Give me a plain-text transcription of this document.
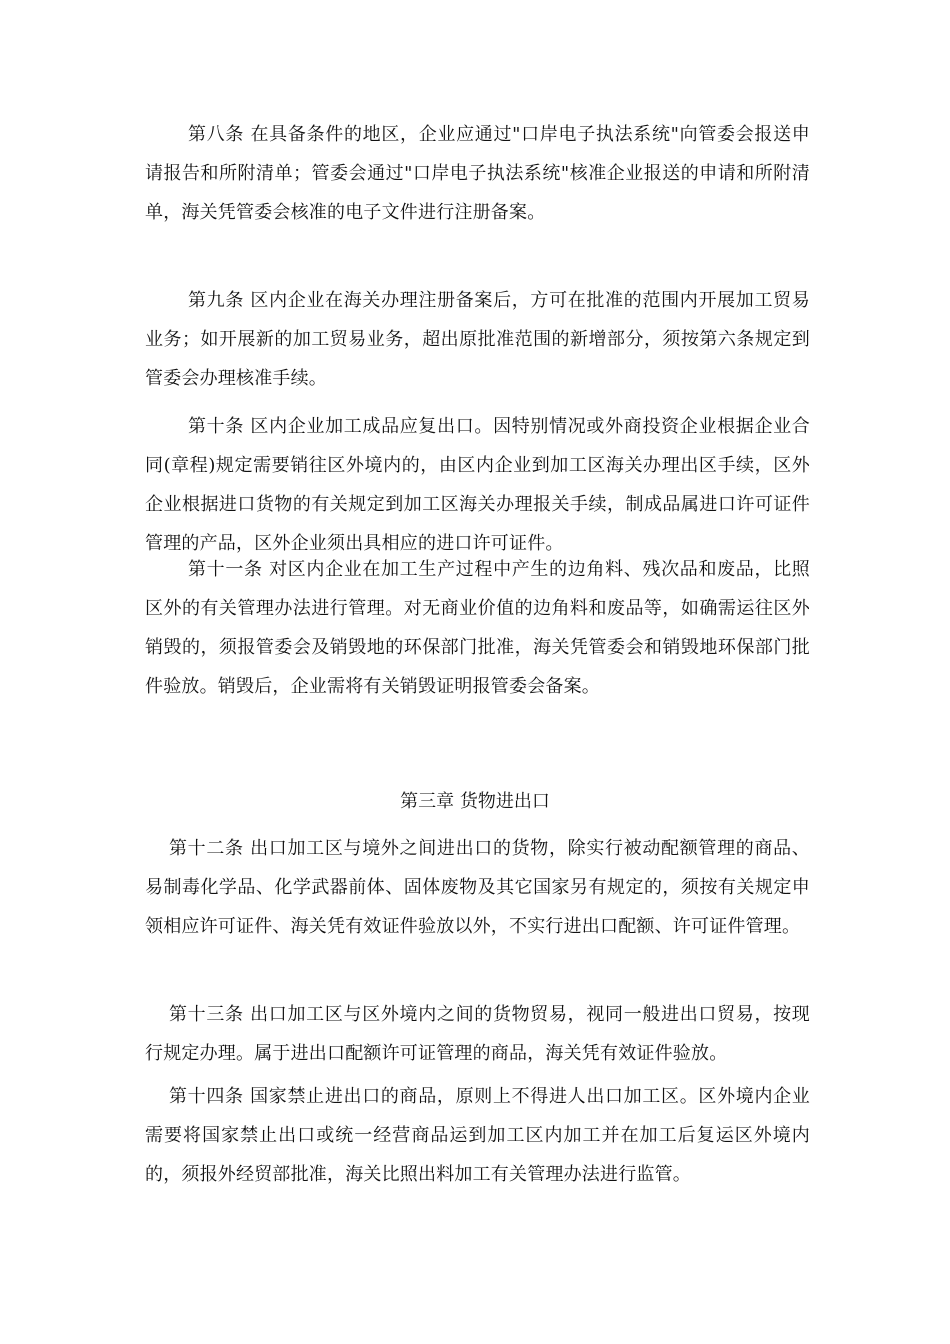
第八条 在具备条件的地区，企业应通过"口岸电子执法系统"向管委会报送申请报告和所附清单；管委会通过"口岸电子执法系统"核准企业报送的申请和所附清单，海关凭管委会核准的电子文件进行注册备案。

第九条 区内企业在海关办理注册备案后，方可在批准的范围内开展加工贸易业务；如开展新的加工贸易业务，超出原批准范围的新增部分，须按第六条规定到管委会办理核准手续。

第十条 区内企业加工成品应复出口。因特别情况或外商投资企业根据企业合同(章程)规定需要销往区外境内的，由区内企业到加工区海关办理出区手续，区外企业根据进口货物的有关规定到加工区海关办理报关手续，制成品属进口许可证件管理的产品，区外企业须出具相应的进口许可证件。

第十一条 对区内企业在加工生产过程中产生的边角料、残次品和废品，比照区外的有关管理办法进行管理。对无商业价值的边角料和废品等，如确需运往区外销毁的，须报管委会及销毁地的环保部门批准，海关凭管委会和销毁地环保部门批件验放。销毁后，企业需将有关销毁证明报管委会备案。

第三章 货物进出口

第十二条 出口加工区与境外之间进出口的货物，除实行被动配额管理的商品、易制毒化学品、化学武器前体、固体废物及其它国家另有规定的，须按有关规定申领相应许可证件、海关凭有效证件验放以外，不实行进出口配额、许可证件管理。

第十三条 出口加工区与区外境内之间的货物贸易，视同一般进出口贸易，按现行规定办理。属于进出口配额许可证管理的商品，海关凭有效证件验放。

第十四条 国家禁止进出口的商品，原则上不得进人出口加工区。区外境内企业需要将国家禁止出口或统一经营商品运到加工区内加工并在加工后复运区外境内的，须报外经贸部批准，海关比照出料加工有关管理办法进行监管。
